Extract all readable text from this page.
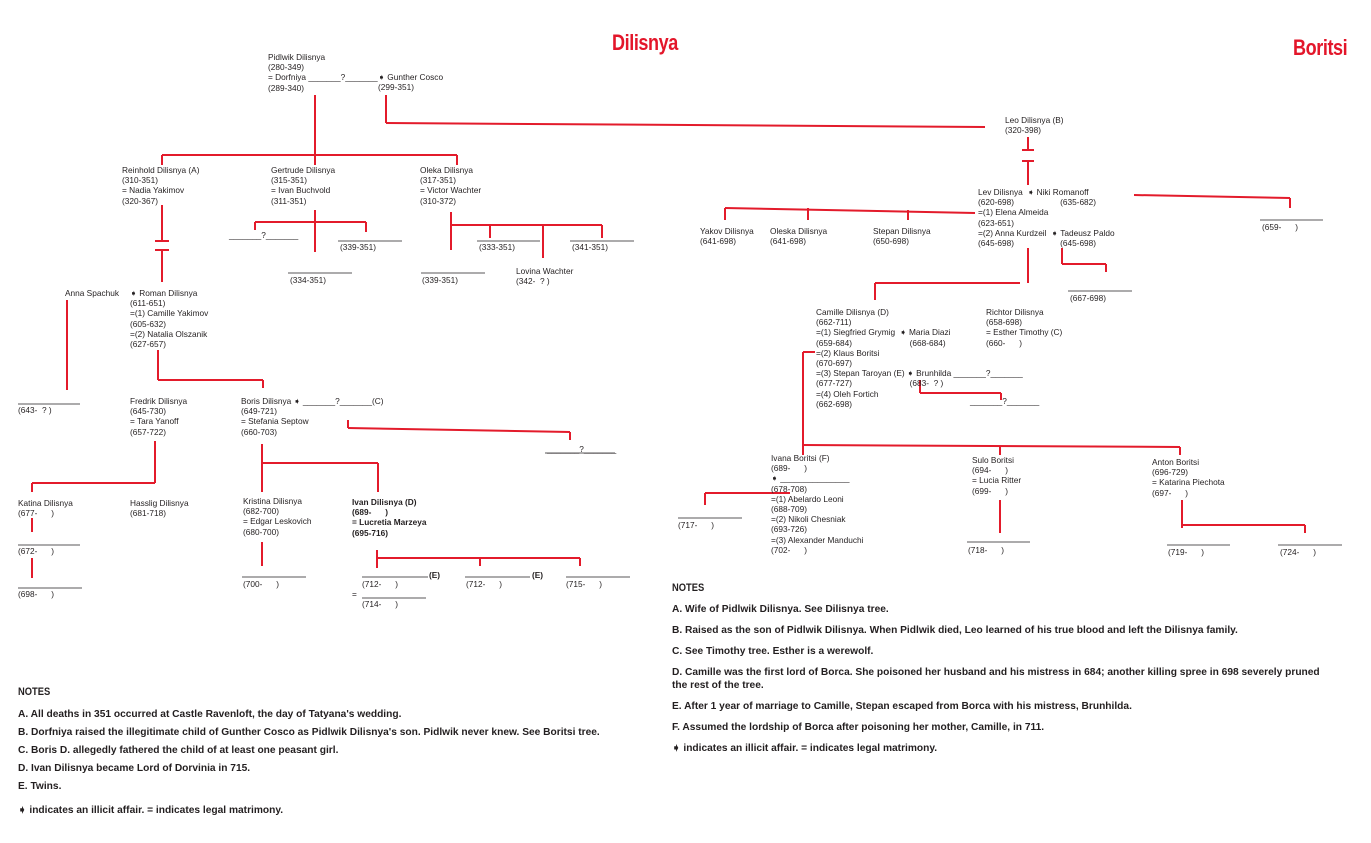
Dilisnya	Boritsi
Pidlwik Dilisnya
(280-349)
= Dorfniya _______?_______
(289-340)
➧ Gunther Cosco
(299-351)
Reinhold Dilisnya (A)
(310-351)
= Nadia Yakimov
(320-367)
Gertrude Dilisnya
(315-351)
= Ivan Buchvold
(311-351)
Oleka Dilisnya
(317-351)
= Victor Wachter
(310-372)
_______?_______
(339-351)
(334-351)	(339-351)
(333-351)	(341-351)
Lovina Wachter
(342-  ? )
Anna Spachuk ➧ Roman Dilisnya
(611-651)
=(1) Camille Yakimov
(605-632)
=(2) Natalia Olszanik
(627-657)
(643-  ? )
Fredrik Dilisnya
(645-730)
= Tara Yanoff
(657-722)
Boris Dilisnya ➧ _______?_______(C)
(649-721)
= Stefania Septow
(660-703)
_______?_______
Katina Dilisnya
(677-      )
(672-      )
(698-      )
Hasslig Dilisnya
(681-718)
Kristina Dilisnya
(682-700)
= Edgar Leskovich
(680-700)
(700-      )
Ivan Dilisnya (D)
(689-      )
= Lucretia Marzeya
(695-716)
(712-      )
(E)
(714-      )
(712-      )
(E)
(715-      )
=
Leo Dilisnya (B)
(320-398)
Lev Dilisnya  ➧ Niki Romanoff
(620-698)                    (635-682)
=(1) Elena Almeida
(623-651)
=(2) Anna Kurdzeil  ➧ Tadeusz Paldo
(645-698)                    (645-698)
(659-      )
Yakov Dilisnya
(641-698)
Oleska Dilisnya
(641-698)
Stepan Dilisnya
(650-698)
(667-698)
Camille Dilisnya (D)
(662-711)
=(1) Siegfried Grymig  ➧ Maria Diazi
(659-684)                         (668-684)
=(2) Klaus Boritsi
(670-697)
=(3) Stepan Taroyan (E) ➧ Brunhilda _______?_______
(677-727)                         (683-  ? )
=(4) Oleh Fortich
(662-698)	_______?_______
Richtor Dilisnya
(658-698)
= Esther Timothy (C)
(660-      )
Ivana Boritsi (F)
(689-      )
➧ _______________
(678-708)
=(1) Abelardo Leoni
(688-709)
=(2) Nikoli Chesniak
(693-726)
=(3) Alexander Manduchi
(702-      )
(717-      )
Sulo Boritsi
(694-      )
= Lucia Ritter
(699-      )
(718-      )
Anton Boritsi
(696-729)
= Katarina Piechota
(697-      )
(719-      )	(724-      )
NOTES
A. All deaths in 351 occurred at Castle Ravenloft, the day of Tatyana's wedding.
B. Dorfniya raised the illegitimate child of Gunther Cosco as Pidlwik Dilisnya's son. Pidlwik never knew. See Boritsi tree.
C. Boris D. allegedly fathered the child of at least one peasant girl.
D. Ivan Dilisnya became Lord of Dorvinia in 715.
E. Twins.
➧ indicates an illicit affair. = indicates legal matrimony.
NOTES
A. Wife of Pidlwik Dilisnya. See Dilisnya tree.
B. Raised as the son of Pidlwik Dilisnya. When Pidlwik died, Leo learned of his true blood and left the Dilisnya family.
C. See Timothy tree. Esther is a werewolf.
D. Camille was the first lord of Borca. She poisoned her husband and his mistress in 684; another killing spree in 698 severely pruned the rest of the tree.
E. After 1 year of marriage to Camille, Stepan escaped from Borca with his mistress, Brunhilda.
F. Assumed the lordship of Borca after poisoning her mother, Camille, in 711.
➧ indicates an illicit affair. = indicates legal matrimony.
